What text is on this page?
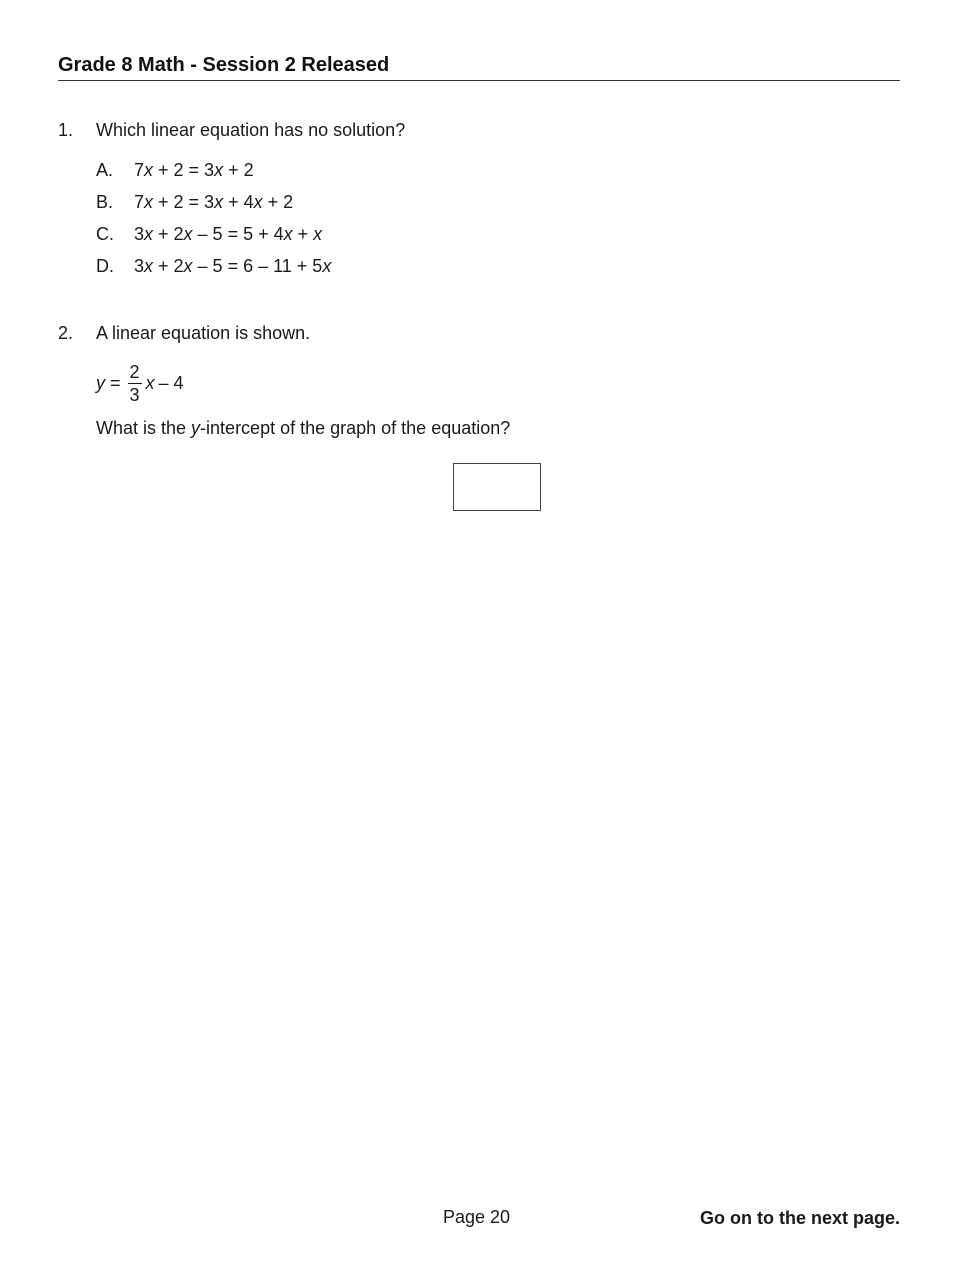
Grade 8 Math - Session 2 Released
1. Which linear equation has no solution?
A. 7x + 2 = 3x + 2
B. 7x + 2 = 3x + 4x + 2
C. 3x + 2x – 5 = 5 + 4x + x
D. 3x + 2x – 5 = 6 – 11 + 5x
2. A linear equation is shown.
$y = \frac{2}{3}$ x – 4
What is the y-intercept of the graph of the equation?
Page 20	Go on to the next page.
